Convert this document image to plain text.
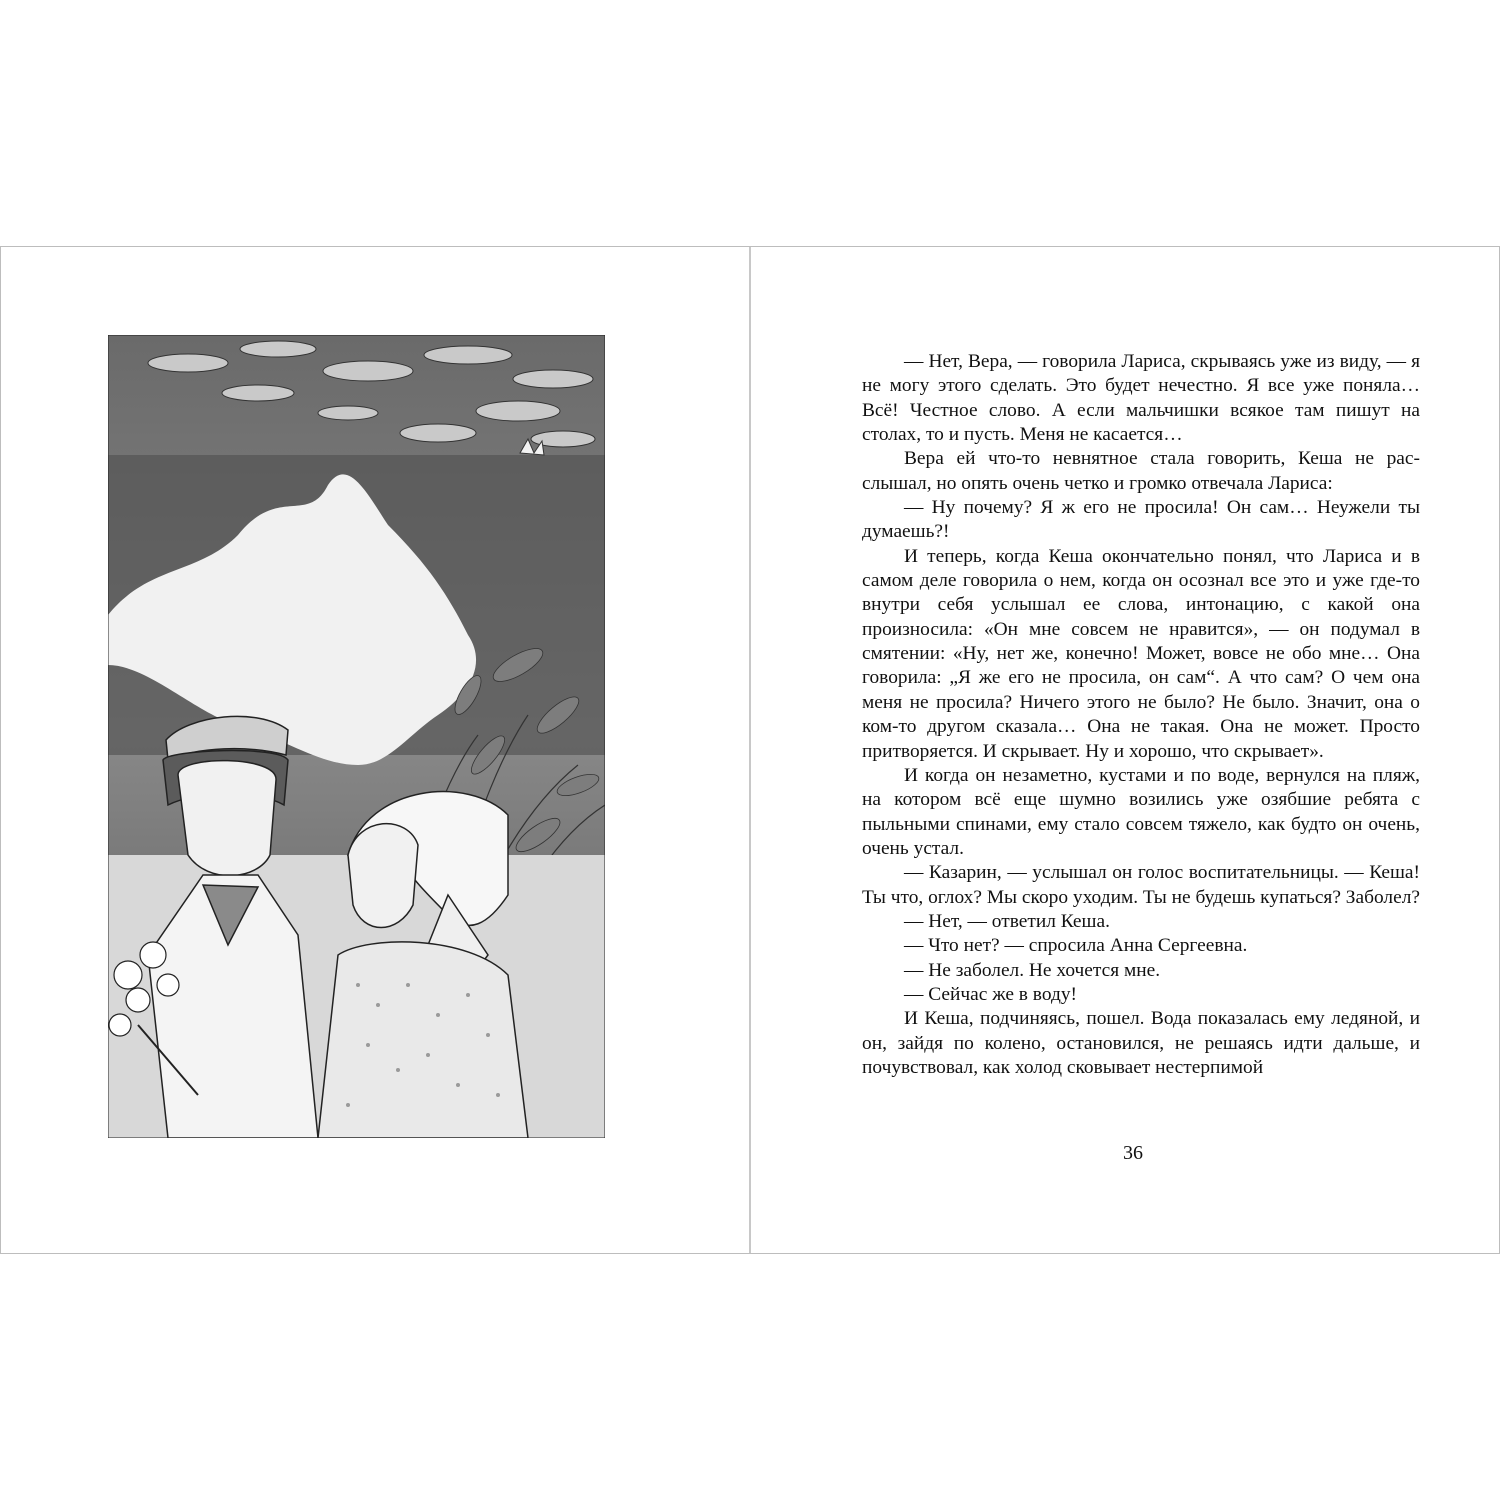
— Нет, Вера, — говорила Лариса, скрываясь уже из виду, — я не могу этого сделать. Это будет нечестно. Я все уже поняла… Всё! Честное слово. А если мальчишки всякое там пишут на столах, то и пусть. Меня не касается…

Вера ей что-то невнятное стала говорить, Кеша не расслышал, но опять очень четко и громко отвечала Лариса:

— Ну почему? Я ж его не просила! Он сам… Неужели ты думаешь?!

И теперь, когда Кеша окончательно понял, что Лариса и в самом деле говорила о нем, когда он осознал все это и уже где-то внутри себя услышал ее слова, интонацию, с какой она произносила: «Он мне совсем не нравится», — он подумал в смятении: «Ну, нет же, конечно! Может, вовсе не обо мне… Она говорила: „Я же его не просила, он сам“. А что сам? О чем она меня не просила? Ничего этого не было? Не было. Значит, она о ком-то другом сказала… Она не такая. Она не может. Просто притворяется. И скрывает. Ну и хорошо, что скрывает».

И когда он незаметно, кустами и по воде, вернулся на пляж, на котором всё еще шумно возились уже озябшие ребята с пыльными спинами, ему стало совсем тяжело, как будто он очень, очень устал.

— Казарин, — услышал он голос воспитательницы. — Кеша! Ты что, оглох? Мы скоро уходим. Ты не будешь купаться? Заболел?

— Нет, — ответил Кеша.

— Что нет? — спросила Анна Сергеевна.

— Не заболел. Не хочется мне.

— Сейчас же в воду!

И Кеша, подчиняясь, пошел. Вода показалась ему ледяной, и он, зайдя по колено, остановился, не решаясь идти дальше, и почувствовал, как холод сковывает нестерпимой

36
